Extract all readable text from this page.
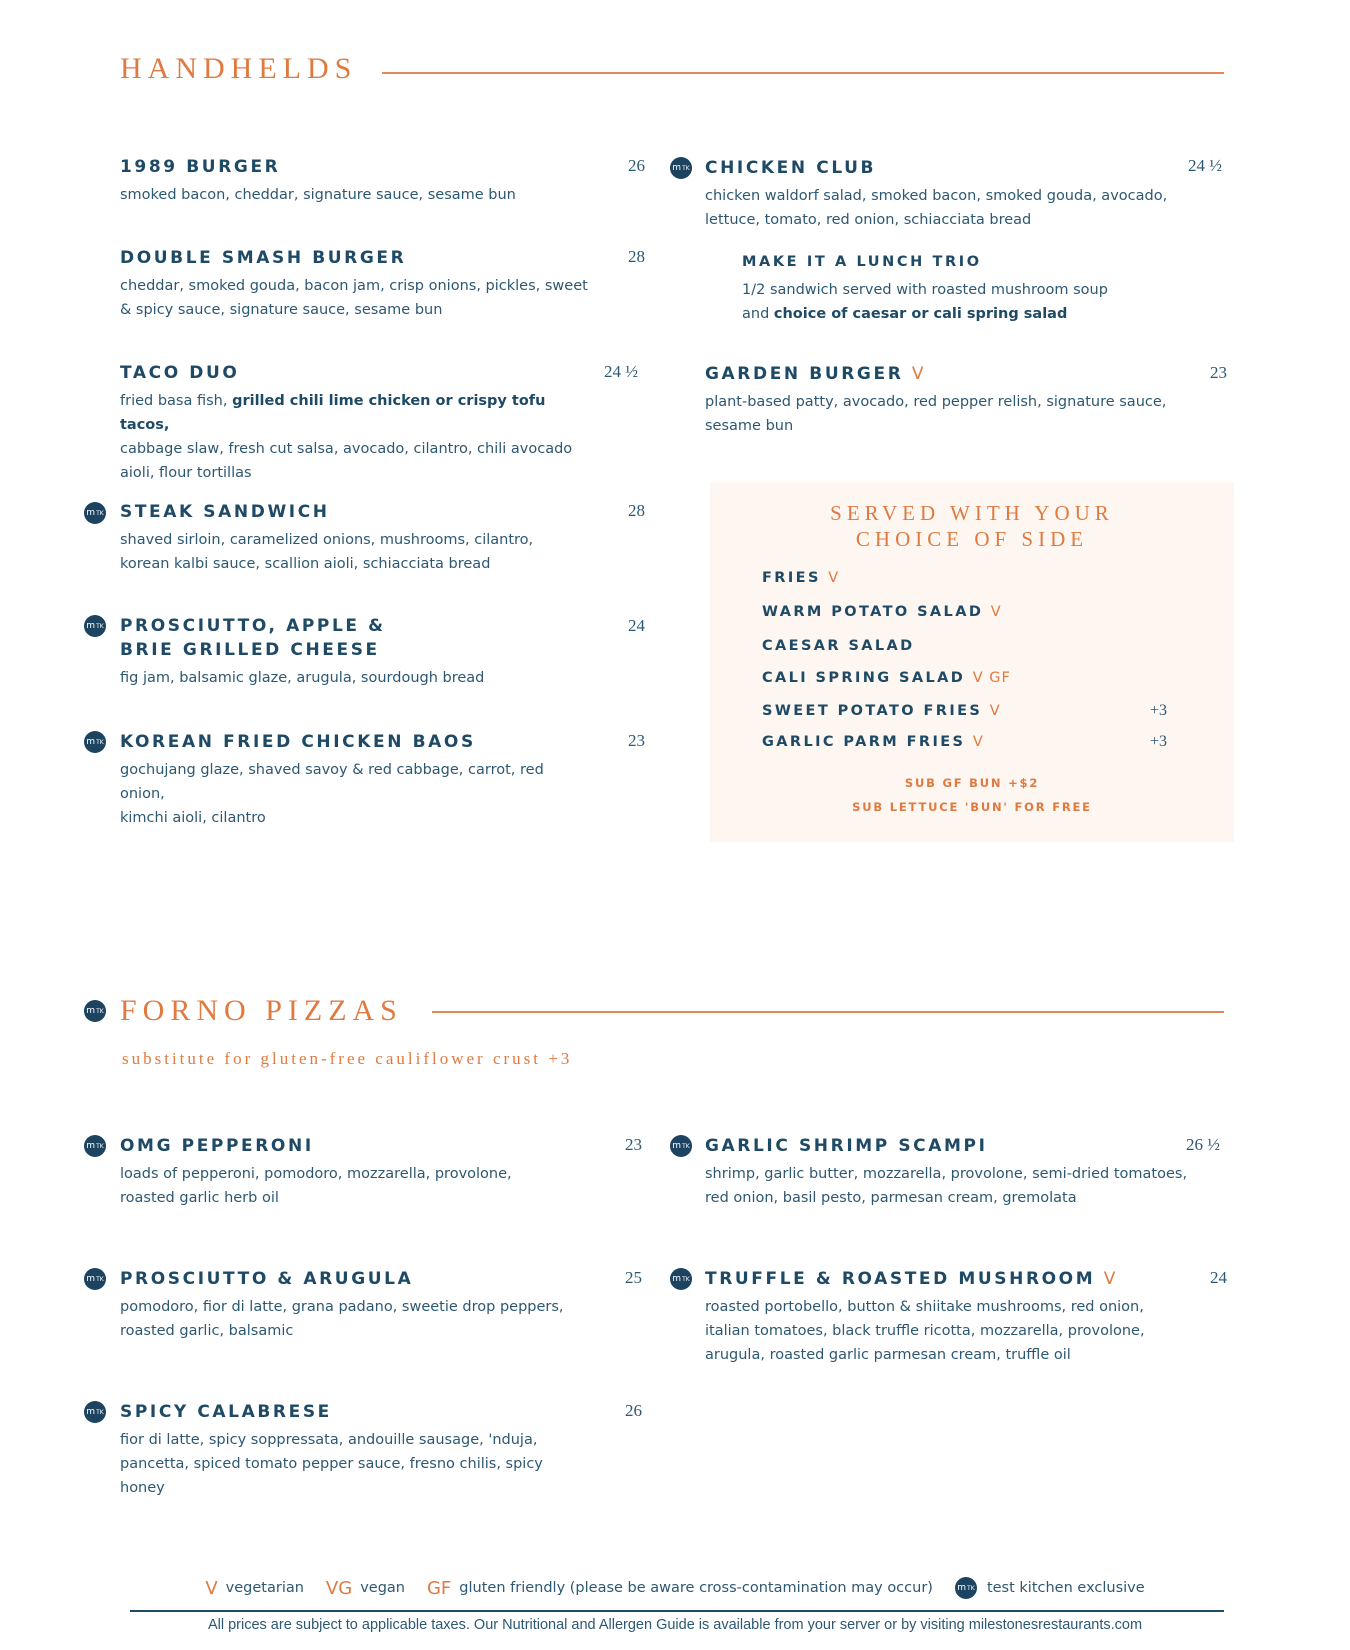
HANDHELDS
1989 BURGER
smoked bacon, cheddar, signature sauce, sesame bun
26
DOUBLE SMASH BURGER
cheddar, smoked gouda, bacon jam, crisp onions, pickles, sweet
& spicy sauce, signature sauce, sesame bun
28
TACO DUO
fried basa fish, grilled chili lime chicken or crispy tofu tacos,
cabbage slaw, fresh cut salsa, avocado, cilantro, chili avocado
aioli, flour tortillas
24 ½
m TK STEAK SANDWICH
shaved sirloin, caramelized onions, mushrooms, cilantro,
korean kalbi sauce, scallion aioli, schiacciata bread
28
m TK PROSCIUTTO, APPLE &
BRIE GRILLED CHEESE
fig jam, balsamic glaze, arugula, sourdough bread
24
m TK KOREAN FRIED CHICKEN BAOS
gochujang glaze, shaved savoy & red cabbage, carrot, red onion,
kimchi aioli, cilantro
23
m TK CHICKEN CLUB
chicken waldorf salad, smoked bacon, smoked gouda, avocado,
lettuce, tomato, red onion, schiacciata bread
24 ½
MAKE IT A LUNCH TRIO
1/2 sandwich served with roasted mushroom soup
and choice of caesar or cali spring salad
GARDEN BURGER V
plant-based patty, avocado, red pepper relish, signature sauce,
sesame bun
23
SERVED WITH YOUR
CHOICE OF SIDE
FRIES V
WARM POTATO SALAD V
CAESAR SALAD
CALI SPRING SALAD V GF
SWEET POTATO FRIES V	+3
GARLIC PARM FRIES V	+3
SUB GF BUN +$2
SUB LETTUCE 'BUN' FOR FREE
m TK FORNO PIZZAS
substitute for gluten-free cauliflower crust +3
m TK OMG PEPPERONI
loads of pepperoni, pomodoro, mozzarella, provolone,
roasted garlic herb oil
23
m TK PROSCIUTTO & ARUGULA
pomodoro, fior di latte, grana padano, sweetie drop peppers,
roasted garlic, balsamic
25
m TK SPICY CALABRESE
fior di latte, spicy soppressata, andouille sausage, 'nduja,
pancetta, spiced tomato pepper sauce, fresno chilis, spicy honey
26
m TK GARLIC SHRIMP SCAMPI
shrimp, garlic butter, mozzarella, provolone, semi-dried tomatoes,
red onion, basil pesto, parmesan cream, gremolata
26 ½
m TK TRUFFLE & ROASTED MUSHROOM V
roasted portobello, button & shiitake mushrooms, red onion,
italian tomatoes, black truffle ricotta, mozzarella, provolone,
arugula, roasted garlic parmesan cream, truffle oil
24
V vegetarian VG vegan GF gluten friendly (please be aware cross-contamination may occur)	m TK test kitchen exclusive
All prices are subject to applicable taxes. Our Nutritional and Allergen Guide is available from your server or by visiting milestonesrestaurants.com
